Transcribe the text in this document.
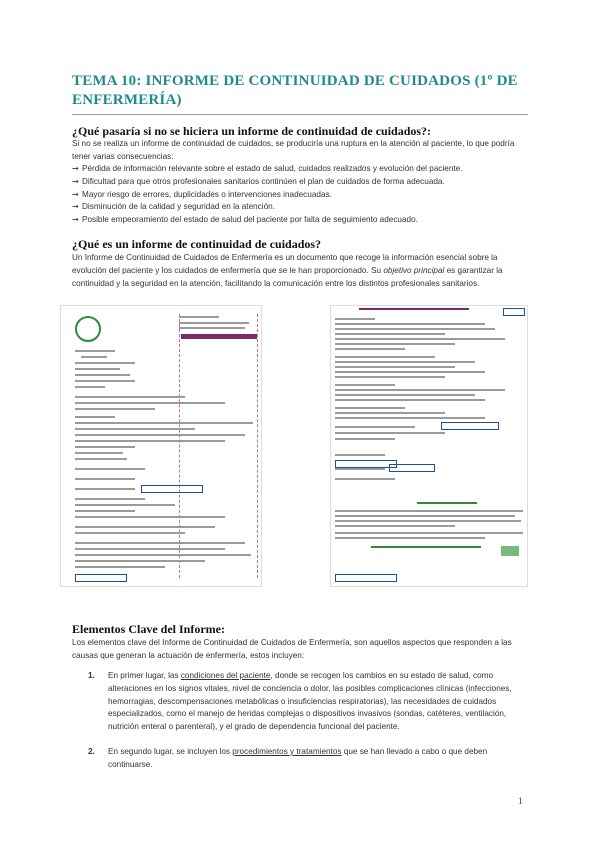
TEMA 10: INFORME DE CONTINUIDAD DE CUIDADOS (1º DE ENFERMERÍA)
¿Qué pasaría si no se hiciera un informe de continuidad de cuidados?:

Si no se realiza un informe de continuidad de cuidados, se produciría una ruptura en la atención al paciente, lo que podría tener varias consecuencias:

➞ Pérdida de información relevante sobre el estado de salud, cuidados realizados y evolución del paciente.
➞ Dificultad para que otros profesionales sanitarios continúen el plan de cuidados de forma adecuada.
➞ Mayor riesgo de errores, duplicidades o intervenciones inadecuadas.
➞ Disminución de la calidad y seguridad en la atención.
➞ Posible empeoramiento del estado de salud del paciente por falta de seguimiento adecuado.
¿Qué es un informe de continuidad de cuidados?

Un Informe de Continuidad de Cuidados de Enfermería es un documento que recoge la información esencial sobre la evolución del paciente y los cuidados de enfermería que se le han proporcionado. Su objetivo principal es garantizar la continuidad y la seguridad en la atención, facilitando la comunicación entre los distintos profesionales sanitarios.

Elementos Clave del Informe:

Los elementos clave del Informe de Continuidad de Cuidados de Enfermería, son aquellos aspectos que responden a las causas que generan la actuación de enfermería, estos incluyen:

1. En primer lugar, las condiciones del paciente, donde se recogen los cambios en su estado de salud, como alteraciones en los signos vitales, nivel de conciencia o dolor, las posibles complicaciones clínicas (infecciones, hemorragias, descompensaciones metabólicas o insuficiencias respiratorias), las necesidades de cuidados especializados, como el manejo de heridas complejas o dispositivos invasivos (sondas, catéteres, ventilación, nutrición enteral o parenteral), y el grado de dependencia funcional del paciente.
2. En segundo lugar, se incluyen los procedimientos y tratamientos que se han llevado a cabo o que deben continuarse.
1
